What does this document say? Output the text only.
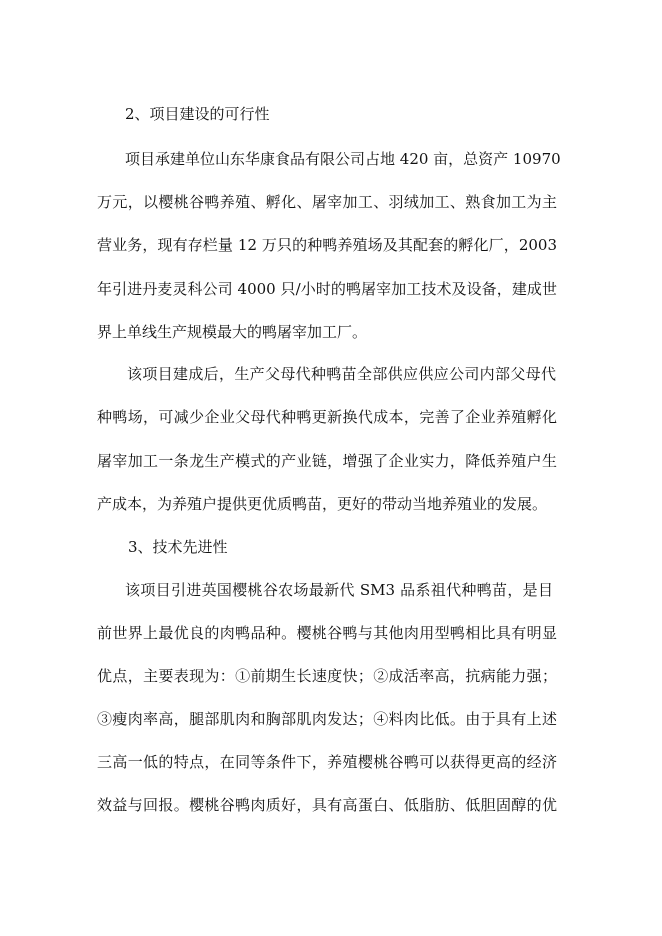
2、项目建设的可行性
项目承建单位山东华康食品有限公司占地 420 亩，总资产 10970
万元，以樱桃谷鸭养殖、孵化、屠宰加工、羽绒加工、熟食加工为主
营业务，现有存栏量 12 万只的种鸭养殖场及其配套的孵化厂，2003
年引进丹麦灵科公司 4000 只/小时的鸭屠宰加工技术及设备，建成世
界上单线生产规模最大的鸭屠宰加工厂。
该项目建成后，生产父母代种鸭苗全部供应供应公司内部父母代
种鸭场，可减少企业父母代种鸭更新换代成本，完善了企业养殖孵化
屠宰加工一条龙生产模式的产业链，增强了企业实力，降低养殖户生
产成本，为养殖户提供更优质鸭苗，更好的带动当地养殖业的发展。
3、技术先进性
该项目引进英国樱桃谷农场最新代 SM3 品系祖代种鸭苗，是目
前世界上最优良的肉鸭品种。樱桃谷鸭与其他肉用型鸭相比具有明显
优点，主要表现为：①前期生长速度快；②成活率高，抗病能力强；
③瘦肉率高，腿部肌肉和胸部肌肉发达；④料肉比低。由于具有上述
三高一低的特点，在同等条件下，养殖樱桃谷鸭可以获得更高的经济
效益与回报。樱桃谷鸭肉质好，具有高蛋白、低脂肪、低胆固醇的优
